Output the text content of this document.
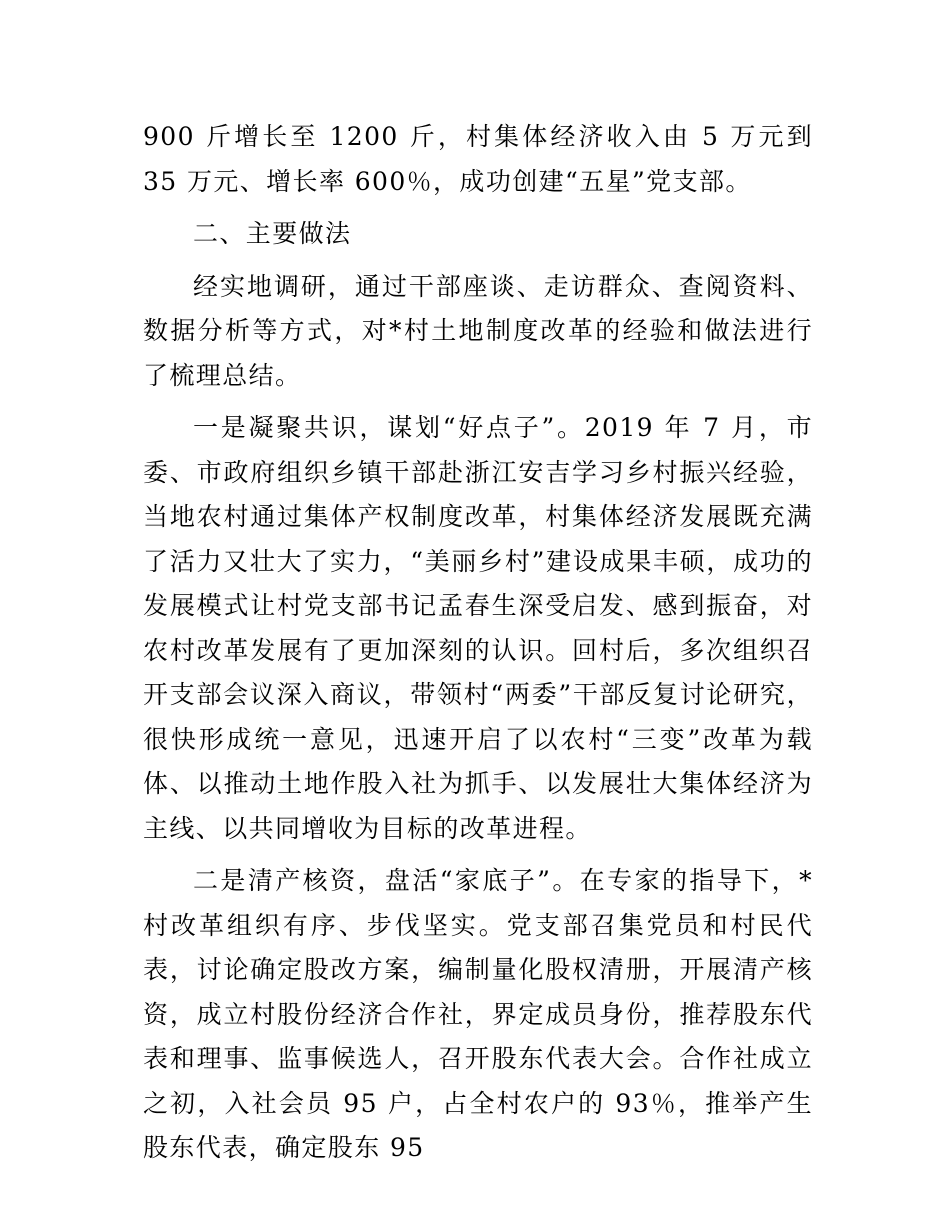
900 斤增长至 1200 斤，村集体经济收入由 5 万元到 35 万元、增长率 600％，成功创建“五星”党支部。

二、主要做法

经实地调研，通过干部座谈、走访群众、查阅资料、数据分析等方式，对*村土地制度改革的经验和做法进行了梳理总结。

一是凝聚共识，谋划“好点子”。2019 年 7 月，市委、市政府组织乡镇干部赴浙江安吉学习乡村振兴经验，当地农村通过集体产权制度改革，村集体经济发展既充满了活力又壮大了实力，“美丽乡村”建设成果丰硕，成功的发展模式让村党支部书记孟春生深受启发、感到振奋，对农村改革发展有了更加深刻的认识。回村后，多次组织召开支部会议深入商议，带领村“两委”干部反复讨论研究，很快形成统一意见，迅速开启了以农村“三变”改革为载体、以推动土地作股入社为抓手、以发展壮大集体经济为主线、以共同增收为目标的改革进程。

二是清产核资，盘活“家底子”。在专家的指导下，*村改革组织有序、步伐坚实。党支部召集党员和村民代表，讨论确定股改方案，编制量化股权清册，开展清产核资，成立村股份经济合作社，界定成员身份，推荐股东代表和理事、监事候选人，召开股东代表大会。合作社成立之初，入社会员 95 户，占全村农户的 93％，推举产生股东代表，确定股东 95
